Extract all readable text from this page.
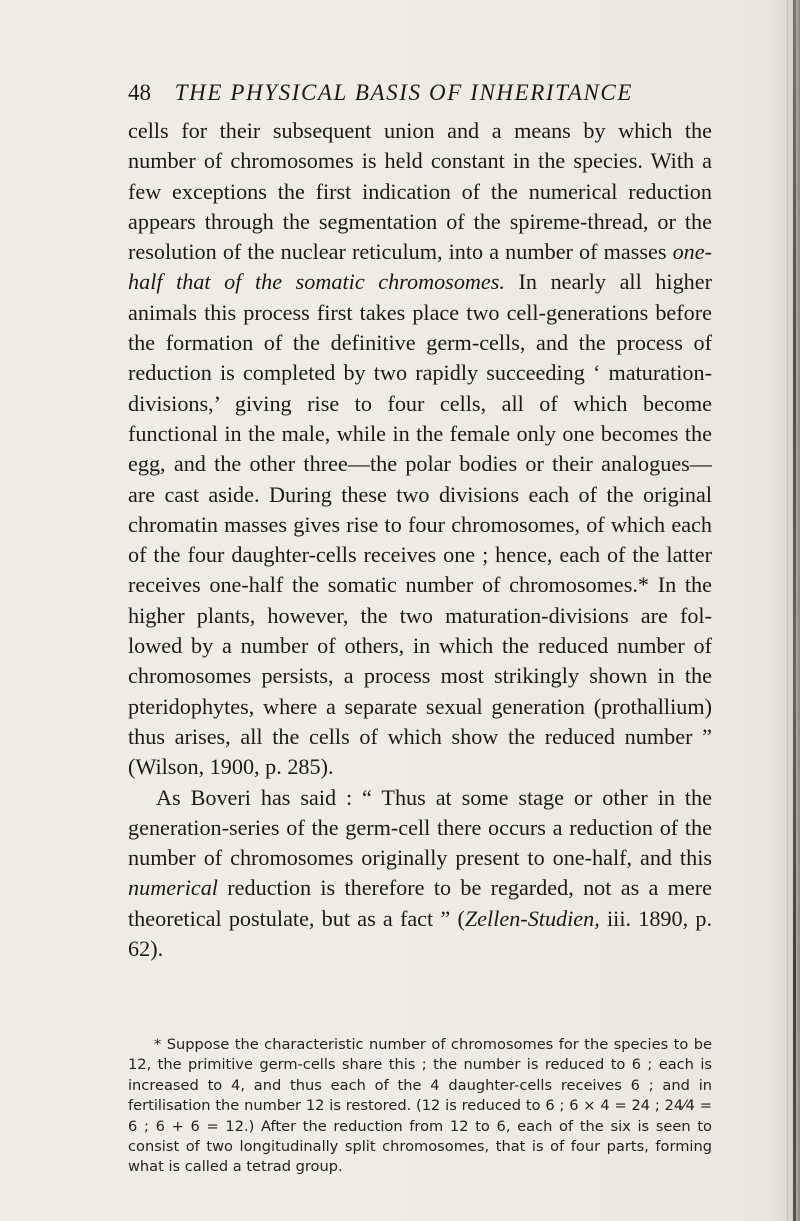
48 THE PHYSICAL BASIS OF INHERITANCE

cells for their subsequent union and a means by which the number of chromosomes is held constant in the species. With a few exceptions the first indication of the numerical reduction appears through the segmentation of the spireme-thread, or the resolution of the nuclear reticulum, into a number of masses one-half that of the somatic chromosomes. In nearly all higher animals this process first takes place two cell-generations before the formation of the definitive germ-cells, and the process of reduction is completed by two rapidly succeeding ‘ maturation-divisions,’ giving rise to four cells, all of which become functional in the male, while in the female only one becomes the egg, and the other three—the polar bodies or their analogues—are cast aside. During these two divisions each of the original chromatin masses gives rise to four chromosomes, of which each of the four daughter-cells receives one ; hence, each of the latter receives one-half the somatic number of chromosomes.* In the higher plants, however, the two maturation-divisions are followed by a number of others, in which the reduced number of chromosomes persists, a process most strikingly shown in the pteridophytes, where a separate sexual generation (prothallium) thus arises, all the cells of which show the reduced number ” (Wilson, 1900, p. 285).

As Boveri has said : “ Thus at some stage or other in the generation-series of the germ-cell there occurs a reduction of the number of chromosomes originally present to one-half, and this numerical reduction is therefore to be regarded, not as a mere theoretical postulate, but as a fact ” (Zellen-Studien, iii. 1890, p. 62).

* Suppose the characteristic number of chromosomes for the species to be 12, the primitive germ-cells share this ; the number is reduced to 6 ; each is increased to 4, and thus each of the 4 daughter-cells receives 6 ; and in fertilisation the number 12 is restored. (12 is reduced to 6 ; 6 × 4 = 24 ; 24⁄4 = 6 ; 6 + 6 = 12.) After the reduction from 12 to 6, each of the six is seen to consist of two longitudinally split chromosomes, that is of four parts, forming what is called a tetrad group.
